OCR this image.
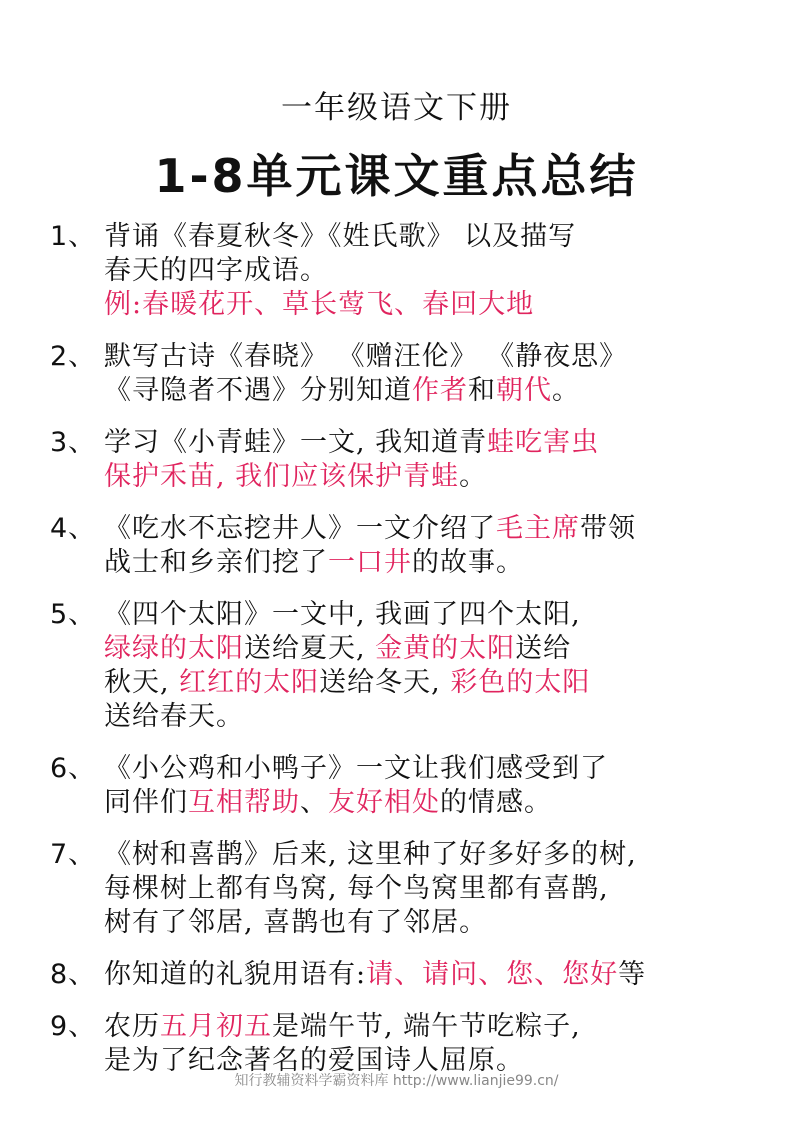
一年级语文下册
1-8单元课文重点总结
1、 背诵《春夏秋冬》《姓氏歌》 以及描写
春天的四字成语。
例:春暖花开、草长莺飞、春回大地
2、 默写古诗《春晓》 《赠汪伦》 《静夜思》
《寻隐者不遇》分别知道作者和朝代。
3、 学习《小青蛙》一文, 我知道青蛙吃害虫
保护禾苗, 我们应该保护青蛙。
4、 《吃水不忘挖井人》一文介绍了毛主席带领
战士和乡亲们挖了一口井的故事。
5、 《四个太阳》一文中, 我画了四个太阳,
绿绿的太阳送给夏天, 金黄的太阳送给
秋天, 红红的太阳送给冬天, 彩色的太阳
送给春天。
6、 《小公鸡和小鸭子》一文让我们感受到了
同伴们互相帮助、友好相处的情感。
7、 《树和喜鹊》后来, 这里种了好多好多的树,
每棵树上都有鸟窝, 每个鸟窝里都有喜鹊,
树有了邻居, 喜鹊也有了邻居。
8、 你知道的礼貌用语有:请、请问、您、您好等
9、 农历五月初五是端午节, 端午节吃粽子,
是为了纪念著名的爱国诗人屈原。
知行教辅资料学霸资料库 http://www.lianjie99.cn/
